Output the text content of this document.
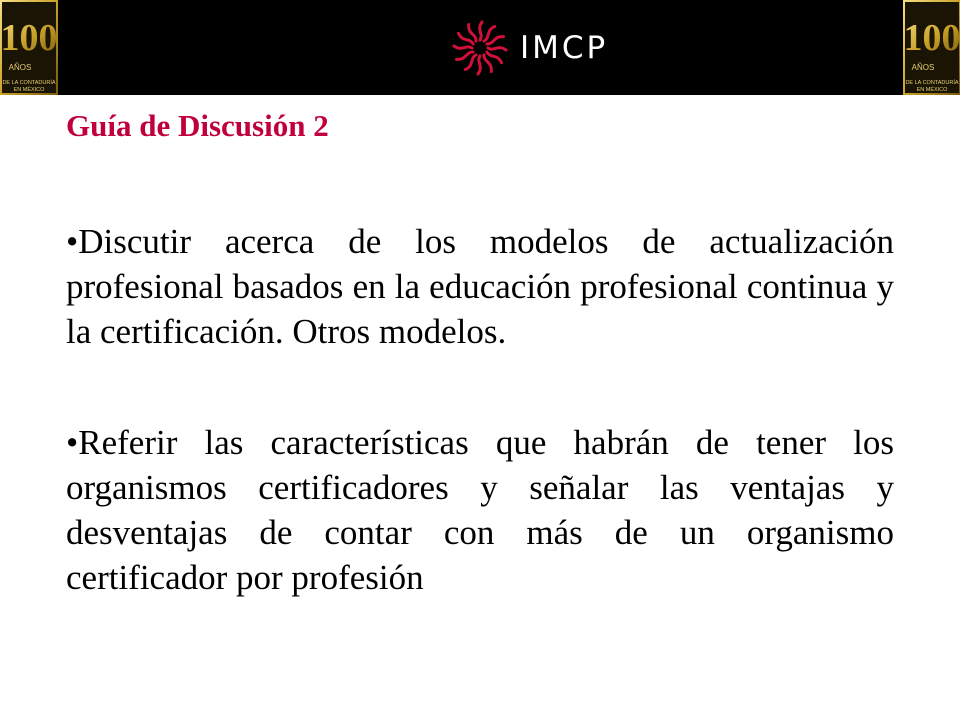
100
AÑOS
DE LA CONTADURÍA
EN MÉXICO
IMCP	100
AÑOS
DE LA CONTADURÍA
EN MÉXICO
Guía de Discusión 2

•Discutir acerca de los modelos de actualización profesional basados en la educación profesional continua y la certificación. Otros modelos.

•Referir las características que habrán de tener los organismos certificadores y señalar las ventajas y desventajas de contar con más de un organismo certificador por profesión
